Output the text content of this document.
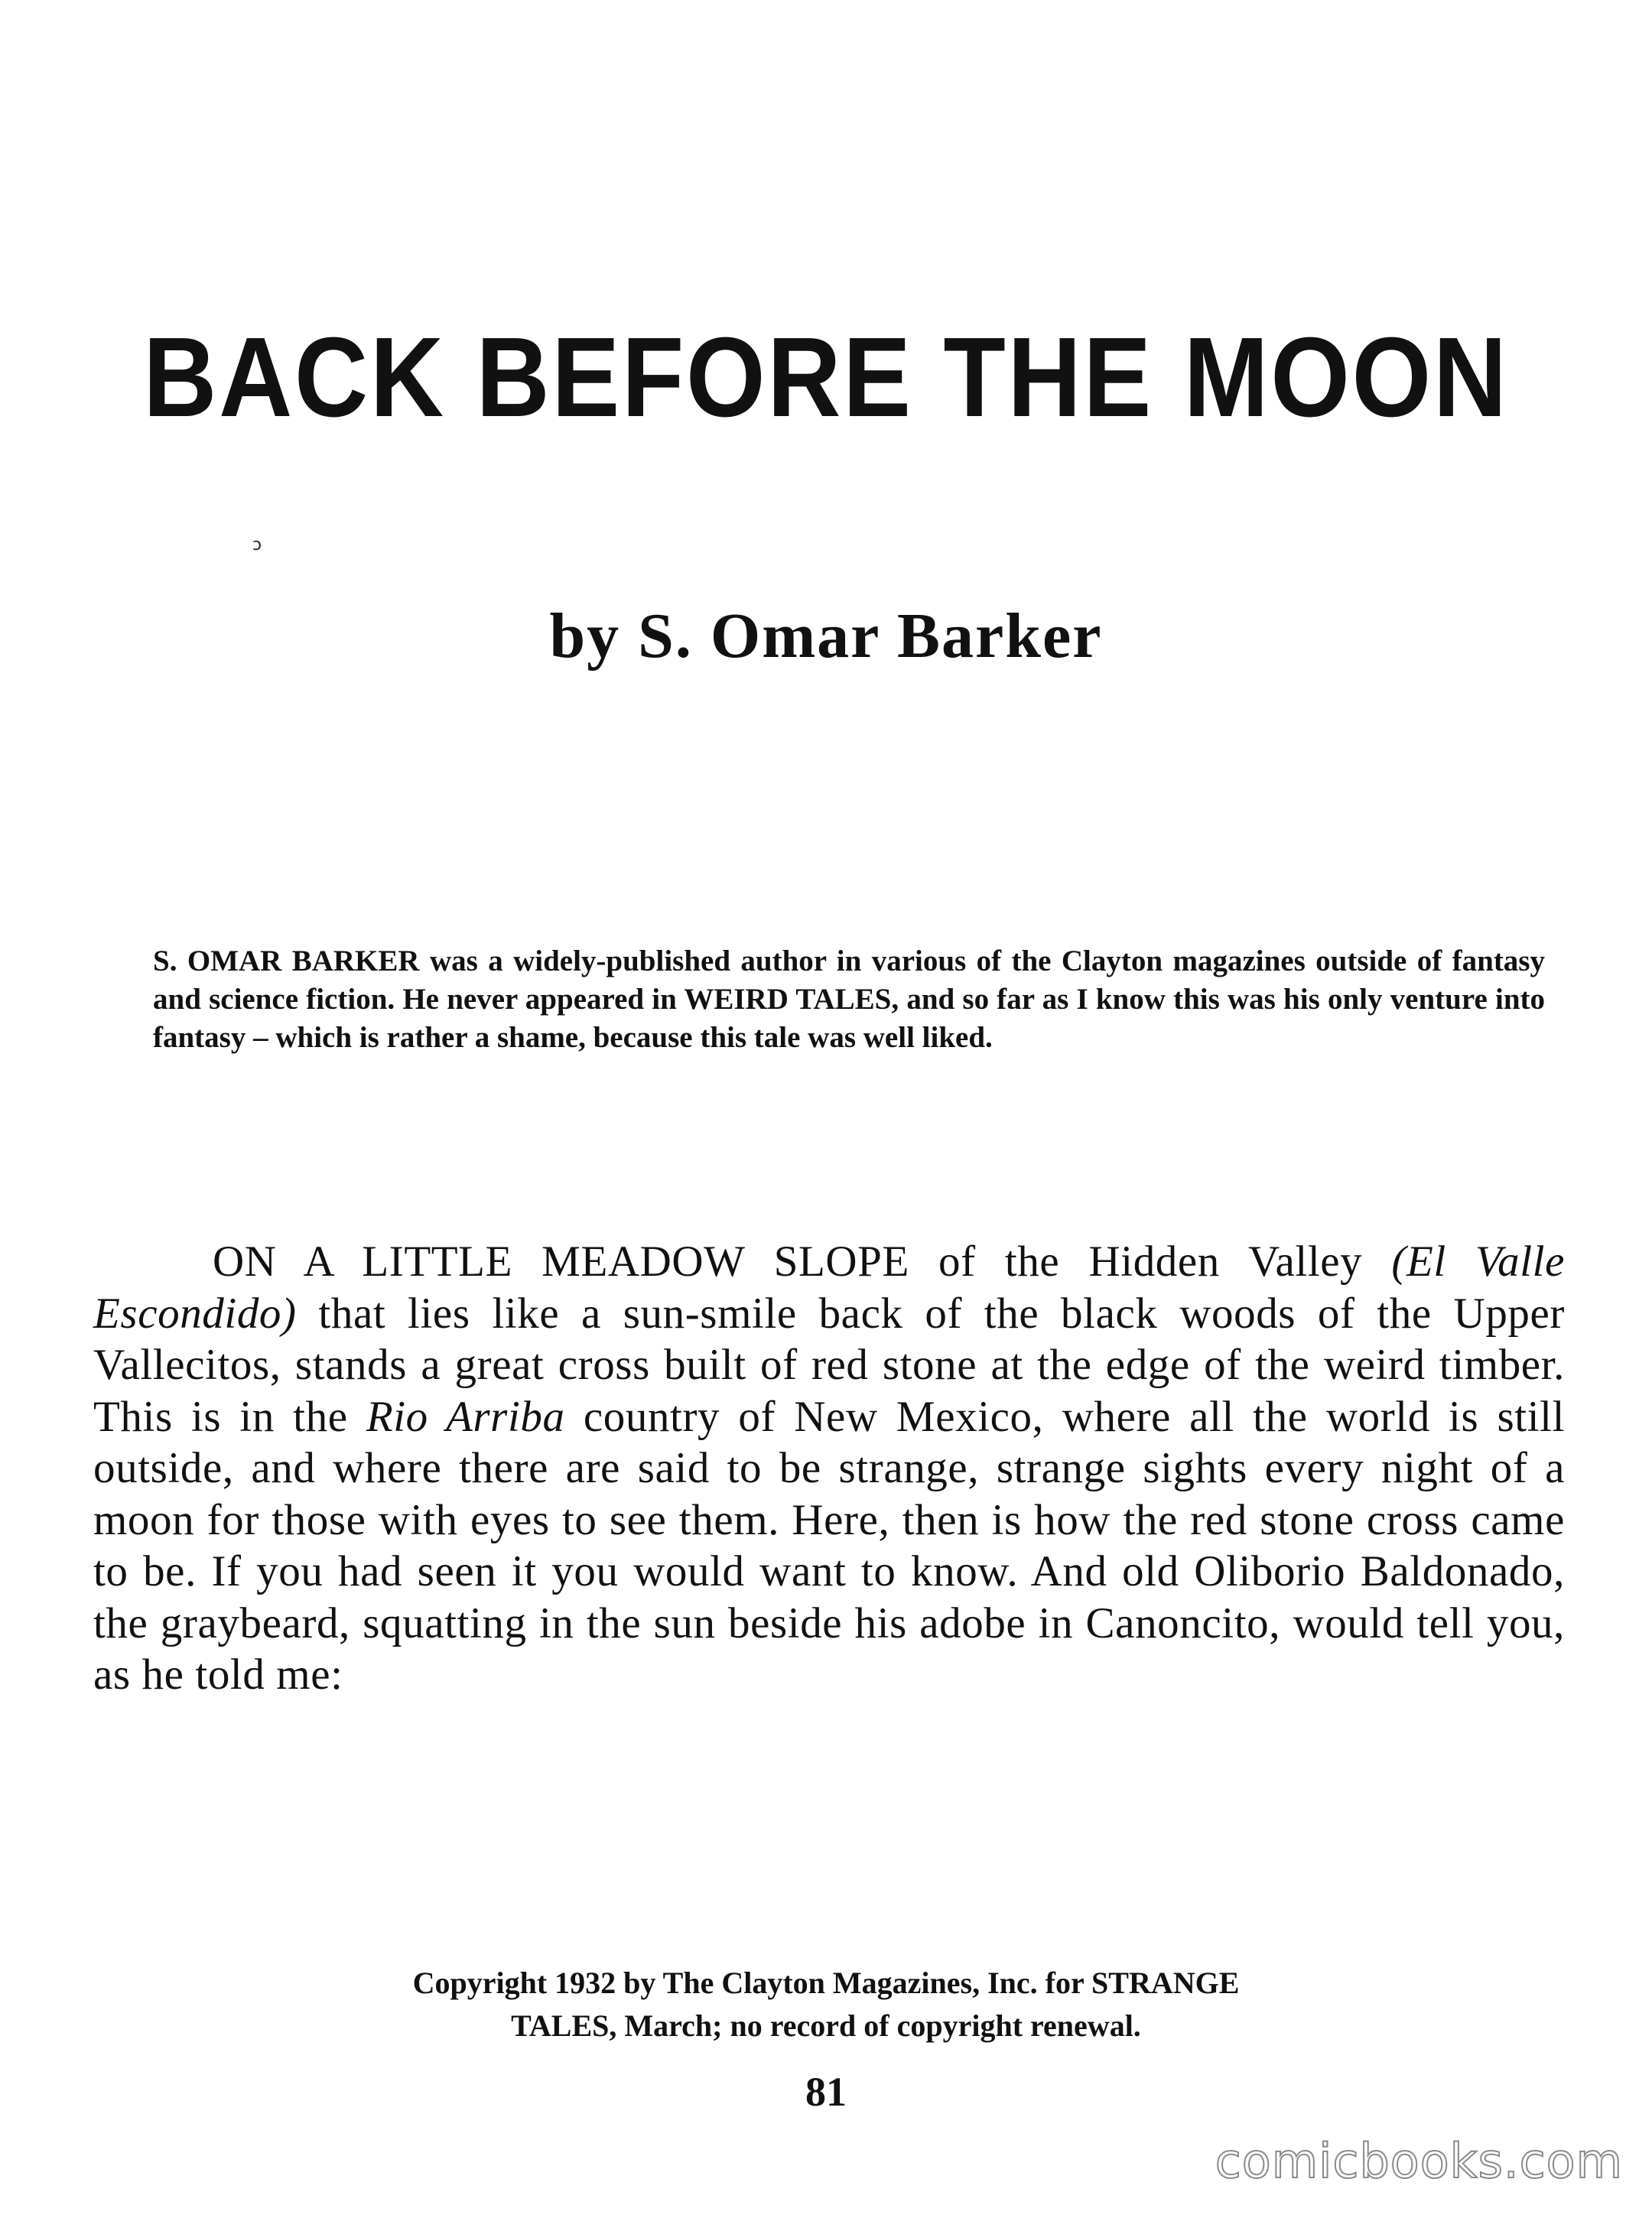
BACK BEFORE THE MOON
ↄ
by S. Omar Barker

S. OMAR BARKER was a widely-published author in various of the Clayton magazines outside of fantasy and science fiction. He never appeared in WEIRD TALES, and so far as I know this was his only venture into fantasy – which is rather a shame, because this tale was well liked.

ON A LITTLE MEADOW SLOPE of the Hidden Valley (El Valle Escondido) that lies like a sun-smile back of the black woods of the Upper Vallecitos, stands a great cross built of red stone at the edge of the weird timber. This is in the Rio Arriba country of New Mexico, where all the world is still outside, and where there are said to be strange, strange sights every night of a moon for those with eyes to see them. Here, then is how the red stone cross came to be. If you had seen it you would want to know. And old Oliborio Baldonado, the graybeard, squatting in the sun beside his adobe in Canoncito, would tell you, as he told me:

Copyright 1932 by The Clayton Magazines, Inc. for STRANGE
TALES, March; no record of copyright renewal.
81
comicbooks.com
